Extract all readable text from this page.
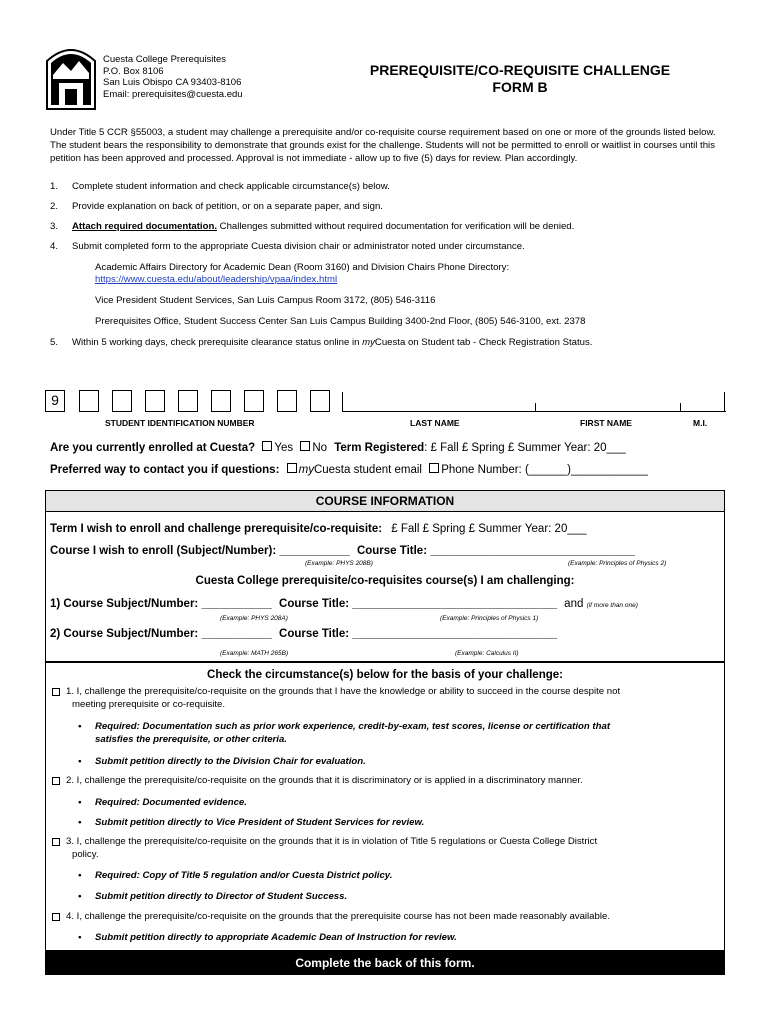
Cuesta College Prerequisites
P.O. Box 8106
San Luis Obispo CA 93403-8106
Email: prerequisites@cuesta.edu
PREREQUISITE/CO-REQUISITE CHALLENGE
FORM B
Under Title 5 CCR §55003, a student may challenge a prerequisite and/or co-requisite course requirement based on one or more of the grounds listed below. The student bears the responsibility to demonstrate that grounds exist for the challenge. Students will not be permitted to enroll or waitlist in courses until this petition has been approved and processed. Approval is not immediate - allow up to five (5) days for review. Plan accordingly.
1. Complete student information and check applicable circumstance(s) below.
2. Provide explanation on back of petition, or on a separate paper, and sign.
3. Attach required documentation. Challenges submitted without required documentation for verification will be denied.
4. Submit completed form to the appropriate Cuesta division chair or administrator noted under circumstance.
Academic Affairs Directory for Academic Dean (Room 3160) and Division Chairs Phone Directory:
https://www.cuesta.edu/about/leadership/vpaa/index.html
Vice President Student Services, San Luis Campus Room 3172, (805) 546-3116
Prerequisites Office, Student Success Center San Luis Campus Building 3400-2nd Floor, (805) 546-3100, ext. 2378
5. Within 5 working days, check prerequisite clearance status online in myCuesta on Student tab - Check Registration Status.
9
STUDENT IDENTIFICATION NUMBER	LAST NAME	FIRST NAME	M.I.
Are you currently enrolled at Cuesta? Yes No Term Registered: £ Fall £ Spring £ Summer Year: 20___
Preferred way to contact you if questions: myCuesta student email Phone Number: (______)____________
COURSE INFORMATION
Term I wish to enroll and challenge prerequisite/co-requisite: £ Fall £ Spring £ Summer Year: 20___
Course I wish to enroll (Subject/Number): ___________ Course Title: ________________________________
(Example: PHYS 208B)	(Example: Principles of Physics 2)
Cuesta College prerequisite/co-requisites course(s) I am challenging:
1) Course Subject/Number: ___________ Course Title: ________________________________ and (if more than one)
(Example: PHYS 208A)	(Example: Principles of Physics 1)
2) Course Subject/Number: ___________ Course Title: ________________________________
(Example: MATH 265B)	(Example: Calculus II)
Check the circumstance(s) below for the basis of your challenge:
1. I, challenge the prerequisite/co-requisite on the grounds that I have the knowledge or ability to succeed in the course despite not
meeting prerequisite or co-requisite.
• Required: Documentation such as prior work experience, credit-by-exam, test scores, license or certification that
satisfies the prerequisite, or other criteria.
• Submit petition directly to the Division Chair for evaluation.
2. I, challenge the prerequisite/co-requisite on the grounds that it is discriminatory or is applied in a discriminatory manner.
• Required: Documented evidence.
• Submit petition directly to Vice President of Student Services for review.
3. I, challenge the prerequisite/co-requisite on the grounds that it is in violation of Title 5 regulations or Cuesta College District
policy.
• Required: Copy of Title 5 regulation and/or Cuesta District policy.
• Submit petition directly to Director of Student Success.
4. I, challenge the prerequisite/co-requisite on the grounds that the prerequisite course has not been made reasonably available.
• Submit petition directly to appropriate Academic Dean of Instruction for review.
Complete the back of this form.
